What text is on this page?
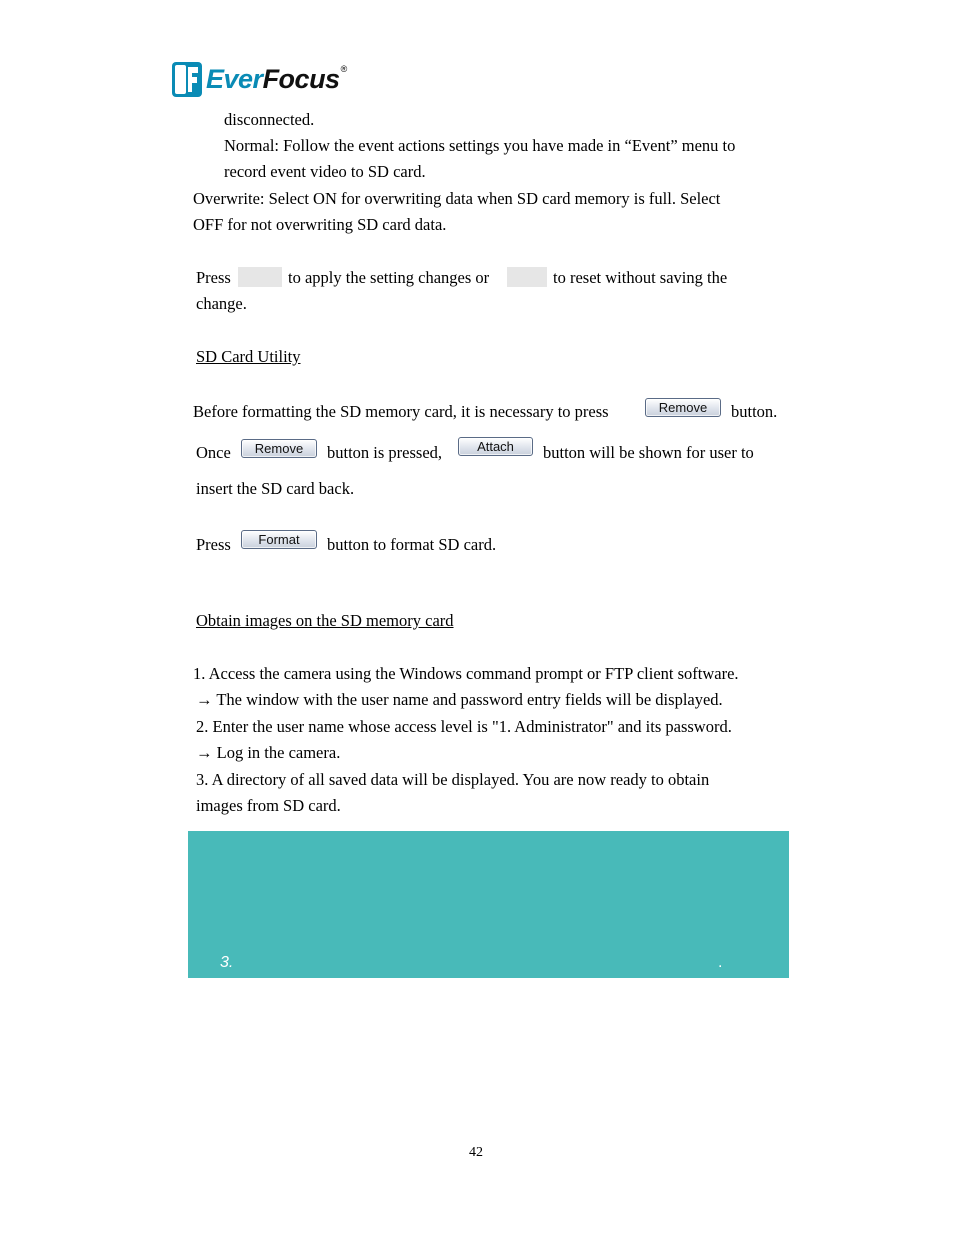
EverFocus ®
disconnected.
Normal: Follow the event actions settings you have made in “Event” menu to
record event video to SD card.
Overwrite: Select ON for overwriting data when SD card memory is full. Select
OFF for not overwriting SD card data.
Press	to apply the setting changes or	to reset without saving the
change.
SD Card Utility
Before formatting the SD memory card, it is necessary to press	Remove	button.
Once	Remove	button is pressed,	Attach	button will be shown for user to
insert the SD card back.
Press	Format	button to format SD card.
Obtain images on the SD memory card
1. Access the camera using the Windows command prompt or FTP client software.
→ The window with the user name and password entry fields will be displayed.
2. Enter the user name whose access level is "1. Administrator" and its password.
→ Log in the camera.
3. A directory of all saved data will be displayed. You are now ready to obtain
images from SD card.
3.	.
42
